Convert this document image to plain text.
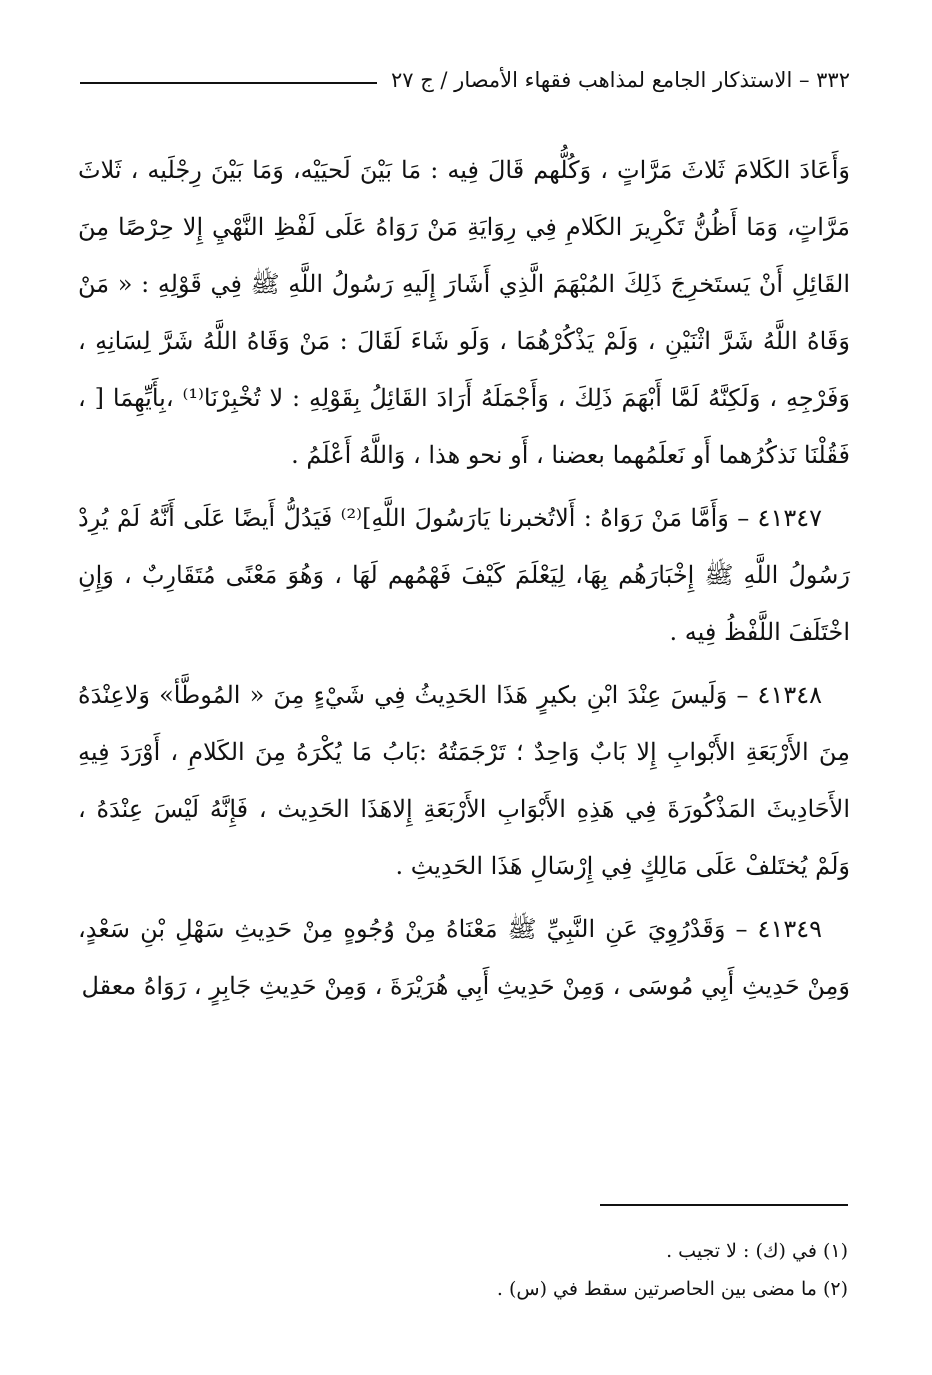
٣٣٢ – الاستذكار الجامع لمذاهب فقهاء الأمصار / ج ٢٧

وَأَعَادَ الكَلامَ ثَلاثَ مَرَّاتٍ ، وَكُلُّهم قَالَ فِيه : مَا بَيْنَ لَحيَيْه، وَمَا بَيْنَ رِجْلَيه ، ثَلاثَ مَرَّاتٍ، وَمَا أَظُنُّ تَكْرِيرَ الكَلامِ فِي رِوَايَةِ مَنْ رَوَاهُ عَلَى لَفْظِ النَّهْيِ إِلا حِرْصًا مِنَ القَائِلِ أَنْ يَستَخرِجَ ذَلِكَ المُبْهَمَ الَّذِي أَشَارَ إِلَيهِ رَسُولُ اللَّهِ ﷺ فِي قَوْلِهِ : « مَنْ وَقَاهُ اللَّهُ شَرَّ اثْنَيْنِ ، وَلَمْ يَذْكُرْهُمَا ، وَلَو شَاءَ لَقَالَ : مَنْ وَقَاهُ اللَّهُ شَرَّ لِسَانِهِ ، وَفَرْجِهِ ، وَلَكِنَّهُ لَمَّا أَبْهَمَ ذَلِكَ ، وَأَجْمَلَهُ أَرَادَ القَائِلُ بِقَوْلِهِ : لا تُخْبِرْنَا⁽¹⁾ ،بِأَيِّهِمَا [ ، فَقُلْنَا نَذكُرُهما أَو نَعلَمُهما بعضنا ، أَو نحو هذا ، وَاللَّهُ أَعْلَمُ .

٤١٣٤٧ – وَأَمَّا مَنْ رَوَاهُ : أَلاتُخبرنا يَارَسُولَ اللَّهِ]⁽²⁾ فَيَدُلُّ أَيضًا عَلَى أَنَّهُ لَمْ يُرِدْ رَسُولُ اللَّهِ ﷺ إِخْبَارَهُم بِهَا، لِيَعْلَمَ كَيْفَ فَهْمُهم لَهَا ، وَهُوَ مَعْنًى مُتَقَارِبٌ ، وَإِنِ اخْتَلَفَ اللَّفْظُ فِيه .

٤١٣٤٨ – وَلَيسَ عِنْدَ ابْنِ بكيرٍ هَذَا الحَدِيثُ فِي شَيْءٍ مِنَ « المُوطَّأ» وَلاعِنْدَهُ مِنَ الأَرْبَعَةِ الأَبْوابِ إِلا بَابٌ وَاحِدٌ ؛ تَرْجَمَتُهُ :بَابُ مَا يُكْرَهُ مِنَ الكَلامِ ، أَوْرَدَ فِيهِ الأَحَادِيثَ المَذْكُورَةَ فِي هَذِهِ الأَبْوَابِ الأَرْبَعَةِ إِلاهَذَا الحَدِيث ، فَإِنَّهُ لَيْسَ عِنْدَهُ ، وَلَمْ يُختَلفْ عَلَى مَالِكٍ فِي إِرْسَالِ هَذَا الحَدِيثِ .

٤١٣٤٩ – وَقَدْرُوِيَ عَنِ النَّبِيِّ ﷺ مَعْنَاهُ مِنْ وُجُوهٍ مِنْ حَدِيثِ سَهْلِ بْنِ سَعْدٍ، وَمِنْ حَدِيثِ أَبِي مُوسَى ، وَمِنْ حَدِيثِ أَبِي هُرَيْرَةَ ، وَمِنْ حَدِيثِ جَابِرٍ ، رَوَاهُ معقل

(١) في (ك) : لا تجيب .

(٢) ما مضى بين الحاصرتين سقط في (س) .
